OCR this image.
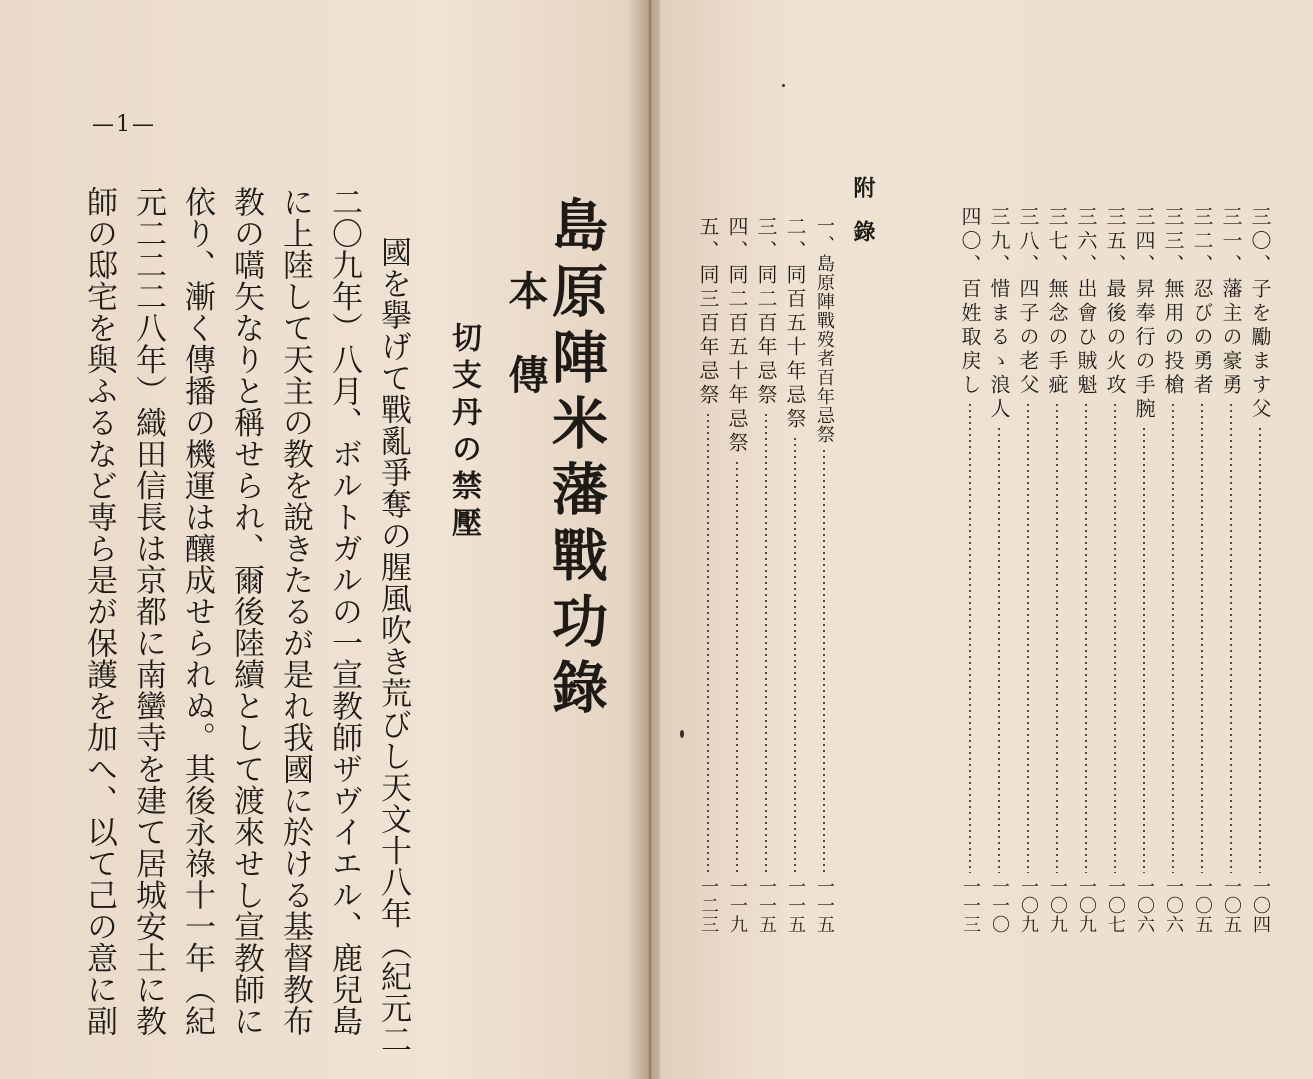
—1—
島原陣米藩戰功錄
本　傳
切支丹の禁壓
國を擧げて戰亂爭奪の腥風吹き荒びし天文十八年（紀元二
二〇九年）八月、ボルトガルの一宣教師ザヴイエル、鹿兒島
に上陸して天主の教を說きたるが是れ我國に於ける基督教布
教の嚆矢なりと稱せられ、爾後陸續として渡來せし宣教師に
依り、漸く傳播の機運は釀成せられぬ。其後永祿十一年（紀
元二二二八年）織田信長は京都に南蠻寺を建て居城安土に教
師の邸宅を與ふるなど専ら是が保護を加へ、以て己の意に副	三〇、子を勵ます父
一〇四
三一、藩主の豪勇
一〇五
三二、忍びの勇者
一〇五
三三、無用の投槍
一〇六
三四、昇奉行の手腕
一〇六
三五、最後の火攻
一〇七
三六、出會ひ賊魁
一〇九
三七、無念の手疵
一〇九
三八、四子の老父
一〇九
三九、惜まるゝ浪人
一一〇
四〇、百姓取戻し
一一三
附　錄
一、島原陣戰歿者百年忌祭
一一五
二、同百五十年忌祭
一一五
三、同二百年忌祭
一一五
四、同二百五十年忌祭
一一九
五、同三百年忌祭
一二三
